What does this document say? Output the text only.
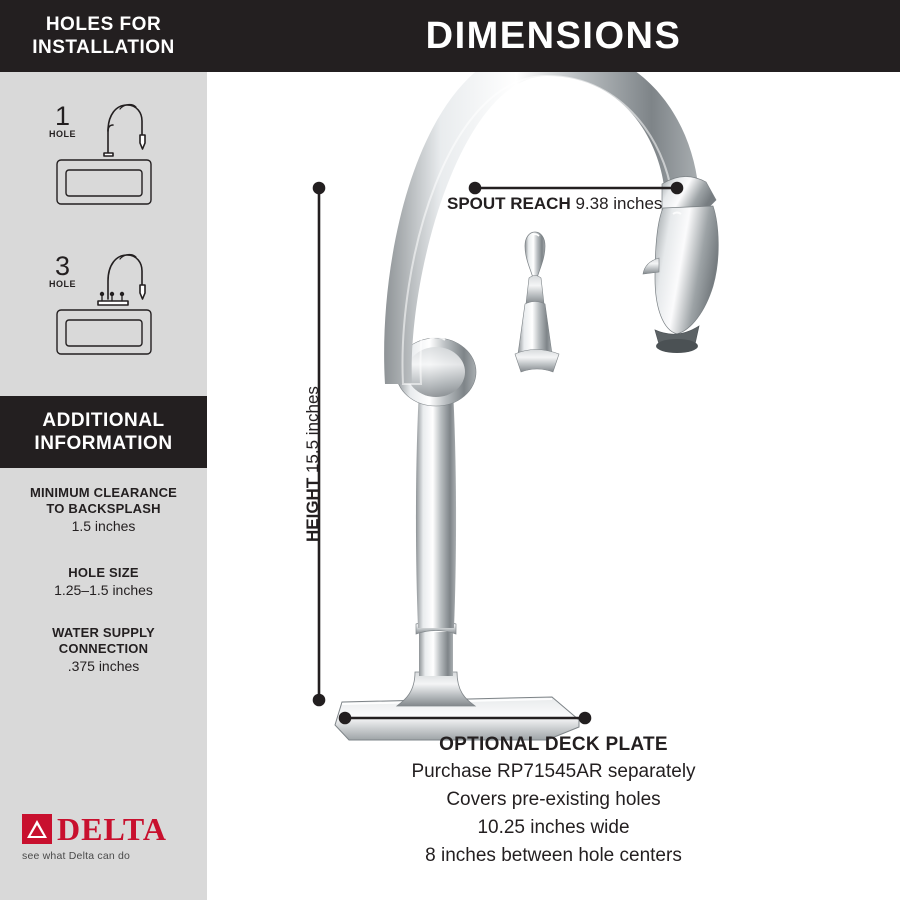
HOLES FOR
INSTALLATION
1
HOLE
3
HOLE
ADDITIONAL
INFORMATION
MINIMUM CLEARANCE
TO BACKSPLASH
1.5 inches
HOLE SIZE
1.25–1.5 inches
WATER SUPPLY
CONNECTION
.375 inches
DELTA
see what Delta can do
DIMENSIONS
SPOUT REACH 9.38 inches
HEIGHT 15.5 inches
OPTIONAL DECK PLATE
Purchase RP71545AR separately
Covers pre-existing holes
10.25 inches wide
8 inches between hole centers
